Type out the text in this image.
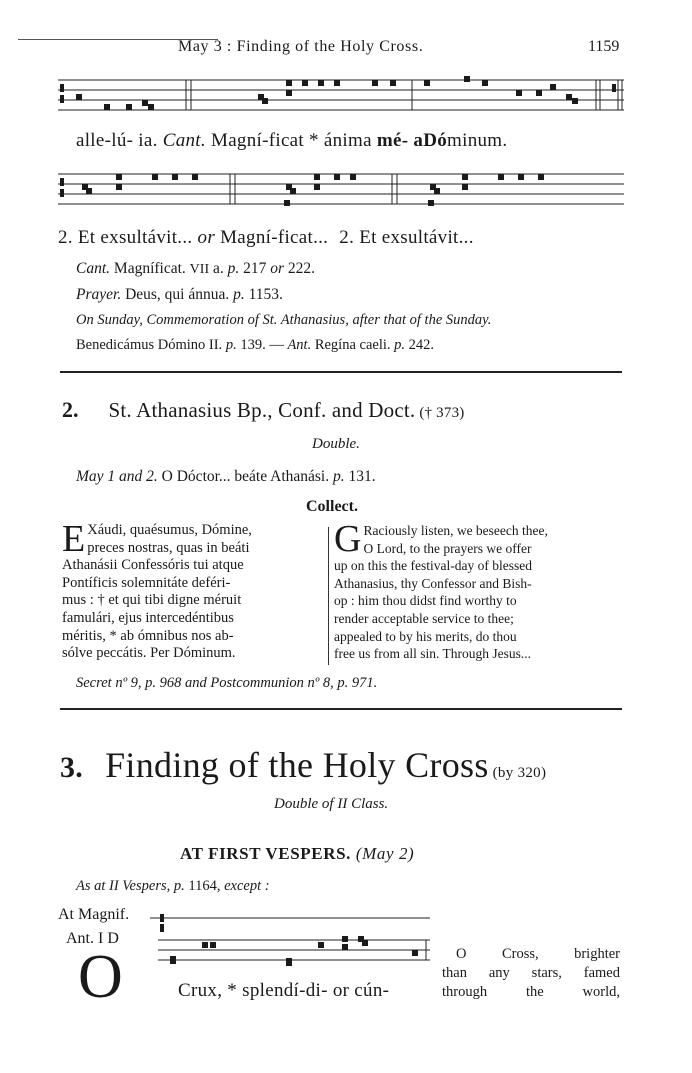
May 3 : Finding of the Holy Cross.	1159
alle-lú- ia. Cant. Magní-ficat * ánima mé- aDóminum.
2. Et exsultávit... or Magní-ficat... 2. Et exsultávit...
Cant. Magníficat. VII a. p. 217 or 222.
Prayer. Deus, qui ánnua. p. 1153.
On Sunday, Commemoration of St. Athanasius, after that of the Sunday.
Benedicámus Dómino II. p. 139. — Ant. Regína caeli. p. 242.
2. St. Athanasius Bp., Conf. and Doct. († 373)
Double.
May 1 and 2. O Dóctor... beáte Athanási. p. 131.
Collect.
E Xáudi, quaésumus, Dómine,

preces nostras, quas in beáti

Athanásii Confessóris tui atque

Pontíficis solemnitáte deféri-

mus : † et qui tibi digne méruit

famulári, ejus intercedéntibus

méritis, * ab ómnibus nos ab-

sólve peccátis. Per Dóminum.

G Raciously listen, we beseech thee,

O Lord, to the prayers we offer

up on this the festival-day of blessed

Athanasius, thy Confessor and Bish-

op : him thou didst find worthy to

render acceptable service to thee;

appealed to by his merits, do thou

free us from all sin. Through Jesus...

Secret nº 9, p. 968 and Postcommunion nº 8, p. 971.
3. Finding of the Holy Cross (by 320)
Double of II Class.
AT FIRST VESPERS. (May 2)
As at II Vespers, p. 1164, except :
At Magnif.
Ant. I D
O	Crux, * splendí-di- or cún-

O Cross, brighter

than any stars, famed

through the world,
